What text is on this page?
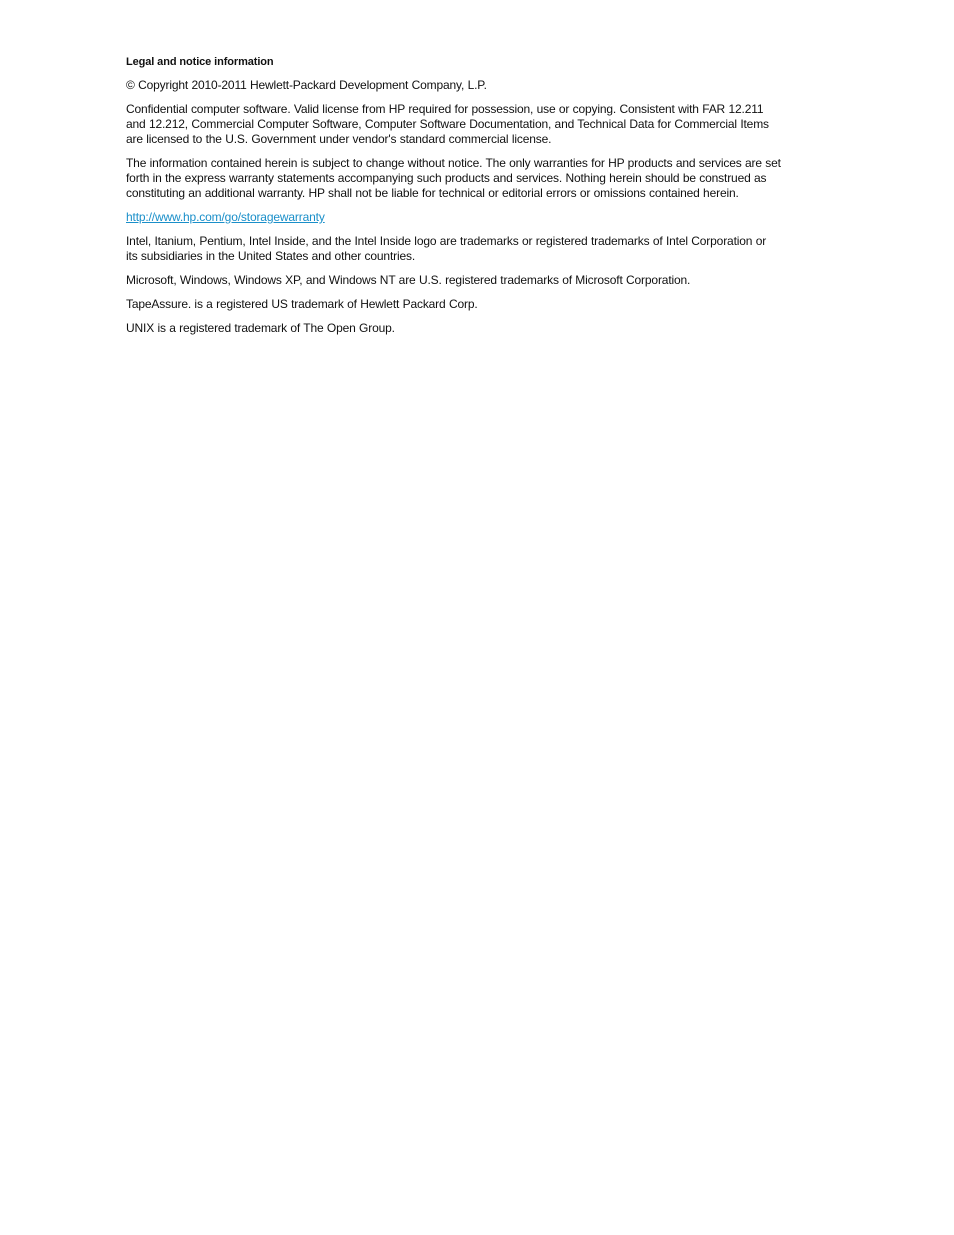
Legal and notice information
© Copyright 2010-2011 Hewlett-Packard Development Company, L.P.
Confidential computer software. Valid license from HP required for possession, use or copying. Consistent with FAR 12.211
and 12.212, Commercial Computer Software, Computer Software Documentation, and Technical Data for Commercial Items
are licensed to the U.S. Government under vendor's standard commercial license.
The information contained herein is subject to change without notice. The only warranties for HP products and services are set
forth in the express warranty statements accompanying such products and services. Nothing herein should be construed as
constituting an additional warranty. HP shall not be liable for technical or editorial errors or omissions contained herein.
http://www.hp.com/go/storagewarranty
Intel, Itanium, Pentium, Intel Inside, and the Intel Inside logo are trademarks or registered trademarks of Intel Corporation or
its subsidiaries in the United States and other countries.
Microsoft, Windows, Windows XP, and Windows NT are U.S. registered trademarks of Microsoft Corporation.
TapeAssure. is a registered US trademark of Hewlett Packard Corp.
UNIX is a registered trademark of The Open Group.
